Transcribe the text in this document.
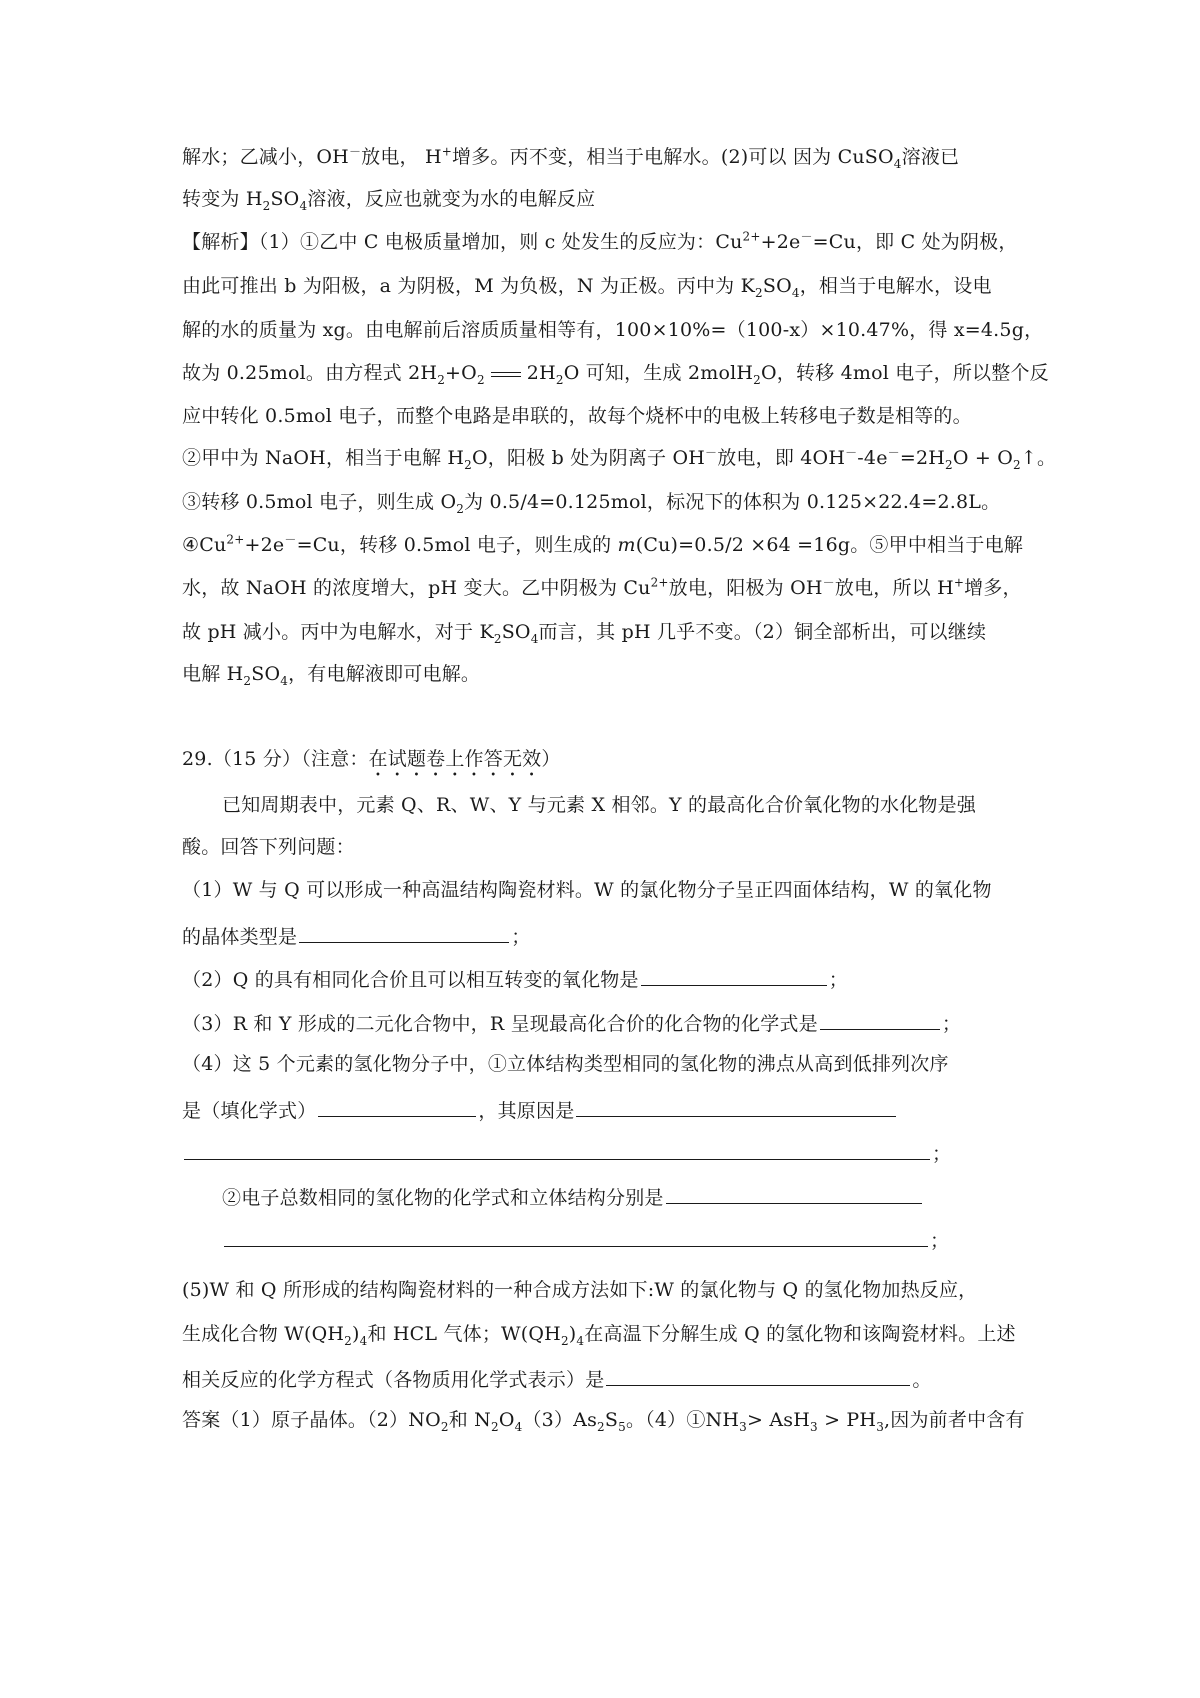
解水；乙减小，OH－放电， H+增多。丙不变，相当于电解水。(2)可以 因为 CuSO$_4$溶液已
转变为 $H_2SO_4$溶液，反应也就变为水的电解反应
【解析】（1）①乙中 C 电极质量增加，则 c 处发生的反应为：$Cu^{2+}+2e^-=Cu$，即 C 处为阴极，
由此可推出 b 为阳极，a 为阴极，M 为负极，N 为正极。丙中为 $K_2SO_4$，相当于电解水，设电
解的水的质量为 xg。由电解前后溶质质量相等有，100×10%=（100-x）×10.47%，得 x=4.5g，
故为 0.25mol。由方程式 $2H_2+O_2$ $2H_2O$ 可知，生成 2molH$_2$O，转移 4mol 电子，所以整个反
应中转化 0.5mol 电子，而整个电路是串联的，故每个烧杯中的电极上转移电子数是相等的。
②甲中为 NaOH，相当于电解 $H_2O$，阳极 b 处为阴离子 OH－放电，即 $4OH^--4e^-=2H_2O$ + $O_2↑$。
③转移 0.5mol 电子，则生成 $O_2$为 0.5/4=0.125mol，标况下的体积为 0.125×22.4=2.8L。
$④Cu^{2+}+2e^-=Cu$，转移 0.5mol 电子，则生成的 m(Cu)=0.5/2 ×64 =16g。⑤甲中相当于电解
水，故 NaOH 的浓度增大，pH 变大。乙中阴极为 $Cu^{2+}$放电，阳极为 OH－放电，所以 H+增多，
故 pH 减小。丙中为电解水，对于 $K_2SO_4$而言，其 pH 几乎不变。（2）铜全部析出，可以继续
电解 $H_2SO_4$，有电解液即可电解。
29.（15 分）（注意：在试题卷上作答无效）
已知周期表中，元素 Q、R、W、Y 与元素 X 相邻。Y 的最高化合价氧化物的水化物是强
酸。回答下列问题：
（1）W 与 Q 可以形成一种高温结构陶瓷材料。W 的氯化物分子呈正四面体结构，W 的氧化物
的晶体类型是	；
（2）Q 的具有相同化合价且可以相互转变的氧化物是	；
（3）R 和 Y 形成的二元化合物中，R 呈现最高化合价的化合物的化学式是	；
（4）这 5 个元素的氢化物分子中，①立体结构类型相同的氢化物的沸点从高到低排列次序
是（填化学式）	，其原因是
；
②电子总数相同的氢化物的化学式和立体结构分别是
；
(5)W 和 Q 所形成的结构陶瓷材料的一种合成方法如下:W 的氯化物与 Q 的氢化物加热反应，
生成化合物 $W(QH_2)_4$和 HCL 气体；$W(QH_2)_4$在高温下分解生成 Q 的氢化物和该陶瓷材料。上述
相关反应的化学方程式（各物质用化学式表示）是	。
答案（1）原子晶体。$(2)NO_2$和 $N_2O_4(3)As_2S_5$。$(4)①NH_3> AsH_3 > PH_3$,因为前者中含有
